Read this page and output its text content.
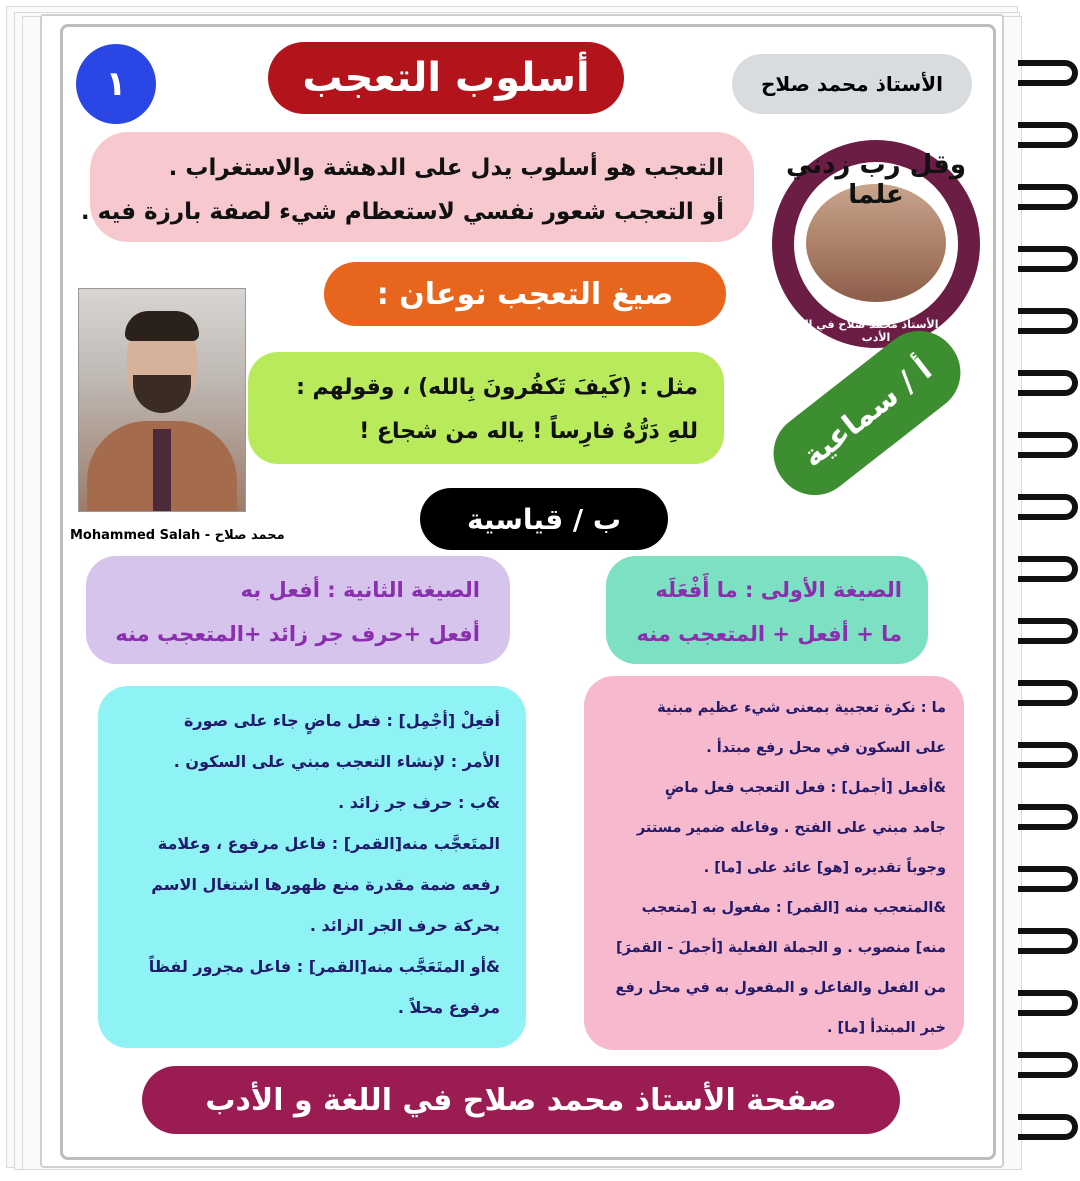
١	أسلوب التعجب	الأستاذ محمد صلاح
التعجب هو أسلوب يدل على الدهشة والاستغراب .
أو التعجب شعور نفسي لاستعظام شيء لصفة بارزة فيه .
وقل رب زدني علما
صفحة الأستاذ محمد صلاح في اللغة و الأدب
صيغ التعجب نوعان :
Mohammed Salah - محمد صلاح
مثل : (كَيفَ تَكفُرونَ بِالله) ، وقولهم :
للهِ دَرُّهُ فارِساً ! ياله من شجاع !	أ / سماعية
ب / قياسية
الصيغة الأولى : ما أَفْعَلَه
ما + أفعل + المتعجب منه
الصيغة الثانية : أفعل به
أفعل +حرف جر زائد +المتعجب منه
ما : نكرة تعجبية بمعنى شيء عظيم مبنية
على السكون في محل رفع مبتدأ .
&أفعل [أجمل] : فعل التعجب فعل ماضٍ
جامد مبني على الفتح . وفاعله ضمير مستتر
وجوباً تقديره [هو] عائد على [ما] .
&المتعجب منه [القمر] : مفعول به [متعجب
منه] منصوب . و الجملة الفعلية [أجملَ - القمرَ]
من الفعل والفاعل و المفعول به في محل رفع
خبر المبتدأ [ما] .
أفعِلْ [أجْمِل] : فعل ماضٍ جاء على صورة
الأمر : لإنشاء التعجب مبني على السكون .
&ب : حرف جر زائد .
المتَعجَّب منه[القمر] : فاعل مرفوع ، وعلامة
رفعه ضمة مقدرة منع ظهورها اشتغال الاسم
بحركة حرف الجر الزائد .
&أو المتَعَجَّب منه[القمر] : فاعل مجرور لفظاً
مرفوع محلاً .
صفحة الأستاذ محمد صلاح في اللغة و الأدب
